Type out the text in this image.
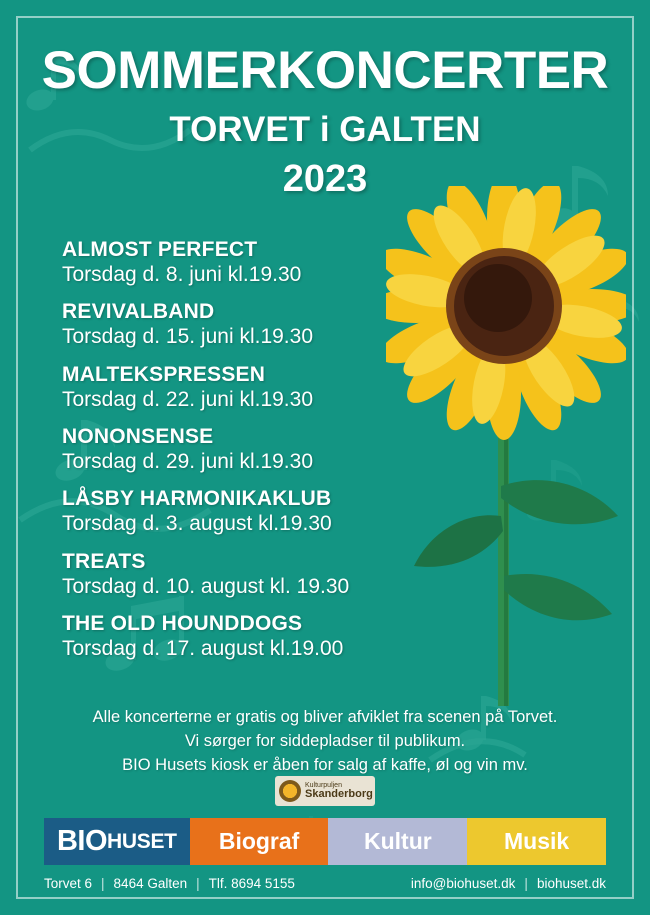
SOMMERKONCERTER
TORVET i GALTEN
2023
ALMOST PERFECT
Torsdag d. 8. juni kl.19.30
REVIVALBAND
Torsdag d. 15. juni kl.19.30
MALTEKSPRESSEN
Torsdag d. 22. juni kl.19.30
NONONSENSE
Torsdag d. 29. juni kl.19.30
LÅSBY HARMONIKAKLUB
Torsdag d. 3. august kl.19.30
TREATS
Torsdag d. 10. august kl. 19.30
THE OLD HOUNDDOGS
Torsdag d. 17. august kl.19.00
Alle koncerterne er gratis og bliver afviklet fra scenen på Torvet.
Vi sørger for siddepladser til publikum.
BIO Husets kiosk er åben for salg af kaffe, øl og vin mv.
Kulturpuljen
Skanderborg
BIO HUSET	Biograf	Kultur	Musik
Torvet 6 | 8464 Galten | Tlf. 8694 5155	info@biohuset.dk | biohuset.dk
